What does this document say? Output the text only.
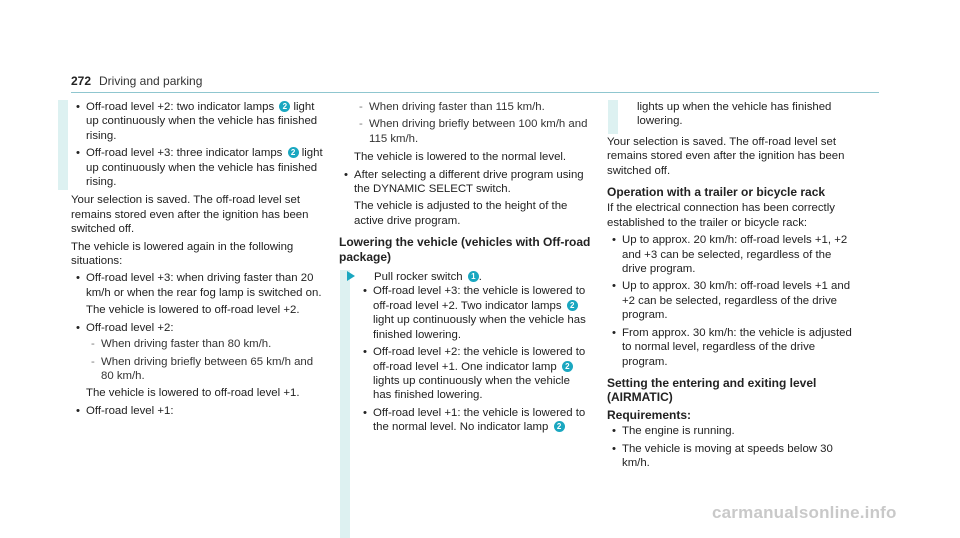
272 Driving and parking
• Off-road level +2: two indicator lamps 2 light up continuously when the vehicle has finished rising.
• Off-road level +3: three indicator lamps 2 light up continuously when the vehicle has finished rising.

Your selection is saved. The off-road level set remains stored even after the ignition has been switched off.

The vehicle is lowered again in the following situations:

• Off-road level +3: when driving faster than 20 km/h or when the rear fog lamp is switched on.

The vehicle is lowered to off-road level +2.

• Off-road level +2:
- When driving faster than 80 km/h.
- When driving briefly between 65 km/h and 80 km/h.

The vehicle is lowered to off-road level +1.

• Off-road level +1:
- When driving faster than 115 km/h.
- When driving briefly between 100 km/h and 115 km/h.

The vehicle is lowered to the normal level.

• After selecting a different drive program using the DYNAMIC SELECT switch.

The vehicle is adjusted to the height of the active drive program.

Lowering the vehicle (vehicles with Off-road package)
Pull rocker switch 1 .
• Off-road level +3: the vehicle is lowered to off-road level +2. Two indicator lamps 2 light up continuously when the vehicle has finished lowering.
• Off-road level +2: the vehicle is lowered to off-road level +1. One indicator lamp 2 lights up continuously when the vehicle has finished lowering.
• Off-road level +1: the vehicle is lowered to the normal level. No indicator lamp 2

lights up when the vehicle has finished lowering.

Your selection is saved. The off-road level set remains stored even after the ignition has been switched off.

Operation with a trailer or bicycle rack

If the electrical connection has been correctly established to the trailer or bicycle rack:

• Up to approx. 20 km/h: off-road levels +1, +2 and +3 can be selected, regardless of the drive program.
• Up to approx. 30 km/h: off-road levels +1 and +2 can be selected, regardless of the drive program.
• From approx. 30 km/h: the vehicle is adjusted to normal level, regardless of the drive program.
Setting the entering and exiting level (AIRMATIC)
Requirements:
• The engine is running.
• The vehicle is moving at speeds below 30 km/h.
carmanualsonline.info
